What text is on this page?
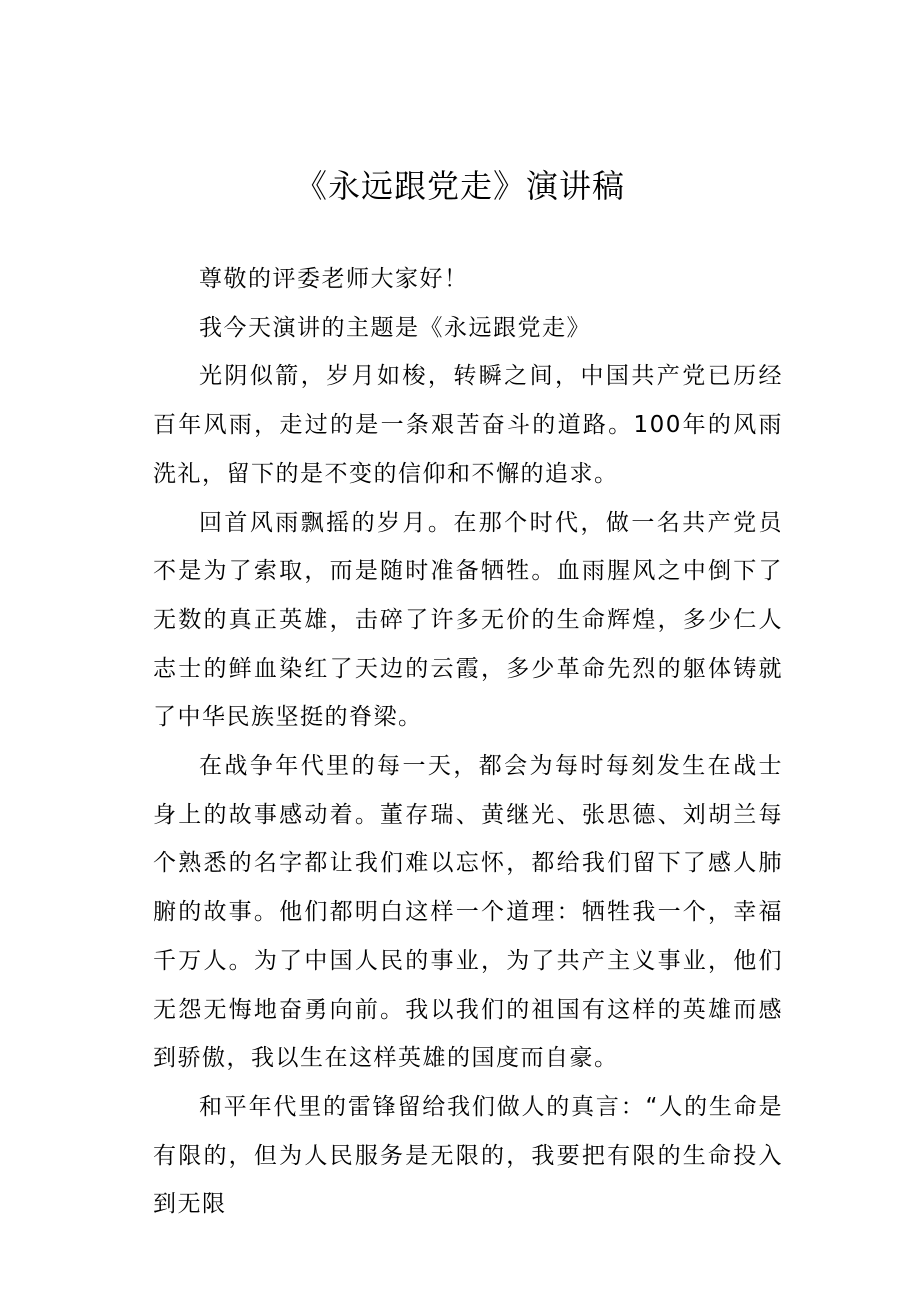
《永远跟党走》演讲稿

尊敬的评委老师大家好！

我今天演讲的主题是《永远跟党走》

光阴似箭，岁月如梭，转瞬之间，中国共产党已历经百年风雨，走过的是一条艰苦奋斗的道路。100年的风雨洗礼，留下的是不变的信仰和不懈的追求。

回首风雨飘摇的岁月。在那个时代，做一名共产党员不是为了索取，而是随时准备牺牲。血雨腥风之中倒下了无数的真正英雄，击碎了许多无价的生命辉煌，多少仁人志士的鲜血染红了天边的云霞，多少革命先烈的躯体铸就了中华民族坚挺的脊梁。

在战争年代里的每一天，都会为每时每刻发生在战士身上的故事感动着。董存瑞、黄继光、张思德、刘胡兰每个熟悉的名字都让我们难以忘怀，都给我们留下了感人肺腑的故事。他们都明白这样一个道理：牺牲我一个，幸福千万人。为了中国人民的事业，为了共产主义事业，他们无怨无悔地奋勇向前。我以我们的祖国有这样的英雄而感到骄傲，我以生在这样英雄的国度而自豪。

和平年代里的雷锋留给我们做人的真言：“人的生命是有限的，但为人民服务是无限的，我要把有限的生命投入到无限
